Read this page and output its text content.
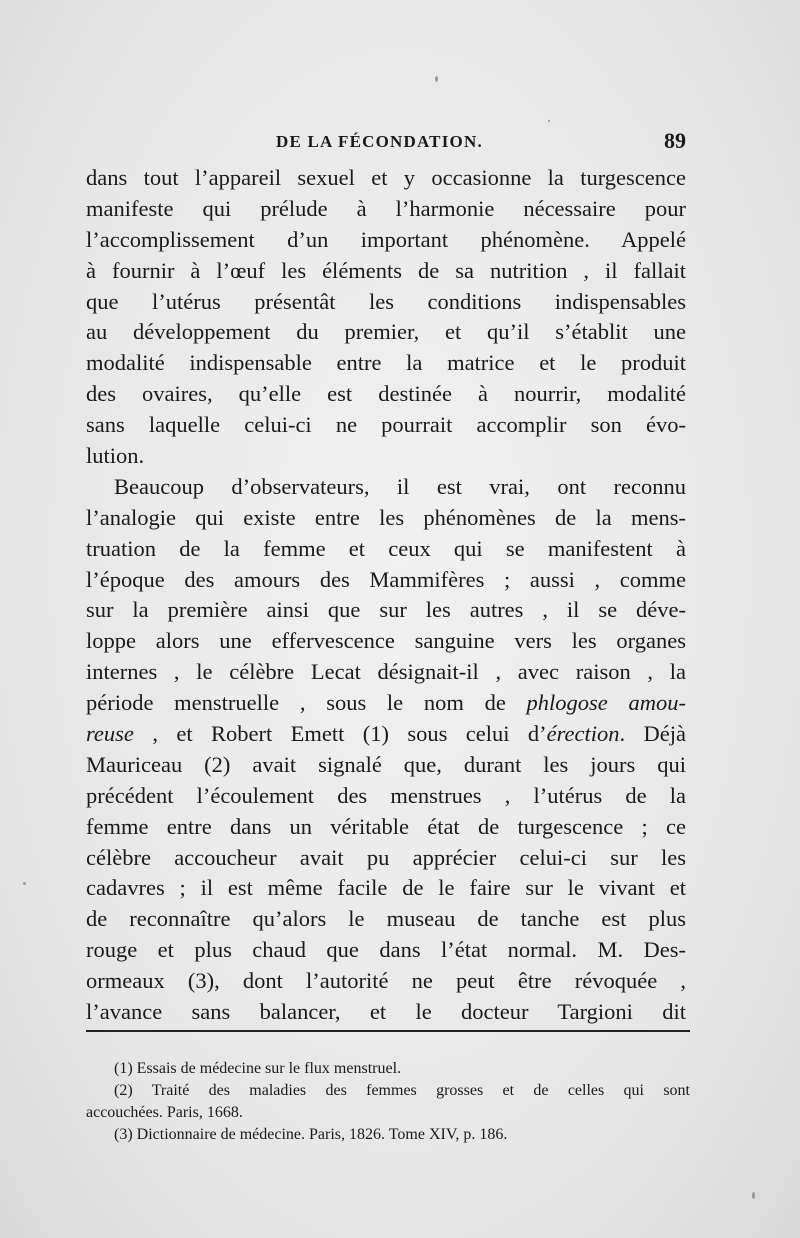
DE LA FÉCONDATION.	89
dans tout l’appareil sexuel et y occasionne la turgescence
manifeste qui prélude à l’harmonie nécessaire pour
l’accomplissement d’un important phénomène. Appelé
à fournir à l’œuf les éléments de sa nutrition , il fallait
que l’utérus présentât les conditions indispensables
au développement du premier, et qu’il s’établit une
modalité indispensable entre la matrice et le produit
des ovaires, qu’elle est destinée à nourrir, modalité
sans laquelle celui-ci ne pourrait accomplir son évo-
lution.
Beaucoup d’observateurs, il est vrai, ont reconnu
l’analogie qui existe entre les phénomènes de la mens-
truation de la femme et ceux qui se manifestent à
l’époque des amours des Mammifères ; aussi , comme
sur la première ainsi que sur les autres , il se déve-
loppe alors une effervescence sanguine vers les organes
internes , le célèbre Lecat désignait-il , avec raison , la
période menstruelle , sous le nom de phlogose amou-
reuse , et Robert Emett (1) sous celui d’érection. Déjà
Mauriceau (2) avait signalé que, durant les jours qui
précédent l’écoulement des menstrues , l’utérus de la
femme entre dans un véritable état de turgescence ; ce
célèbre accoucheur avait pu apprécier celui-ci sur les
cadavres ; il est même facile de le faire sur le vivant et
de reconnaître qu’alors le museau de tanche est plus
rouge et plus chaud que dans l’état normal. M. Des-
ormeaux (3), dont l’autorité ne peut être révoquée ,
l’avance sans balancer, et le docteur Targioni dit
(1) Essais de médecine sur le flux menstruel.
(2) Traité des maladies des femmes grosses et de celles qui sont
accouchées. Paris, 1668.
(3) Dictionnaire de médecine. Paris, 1826. Tome XIV, p. 186.
